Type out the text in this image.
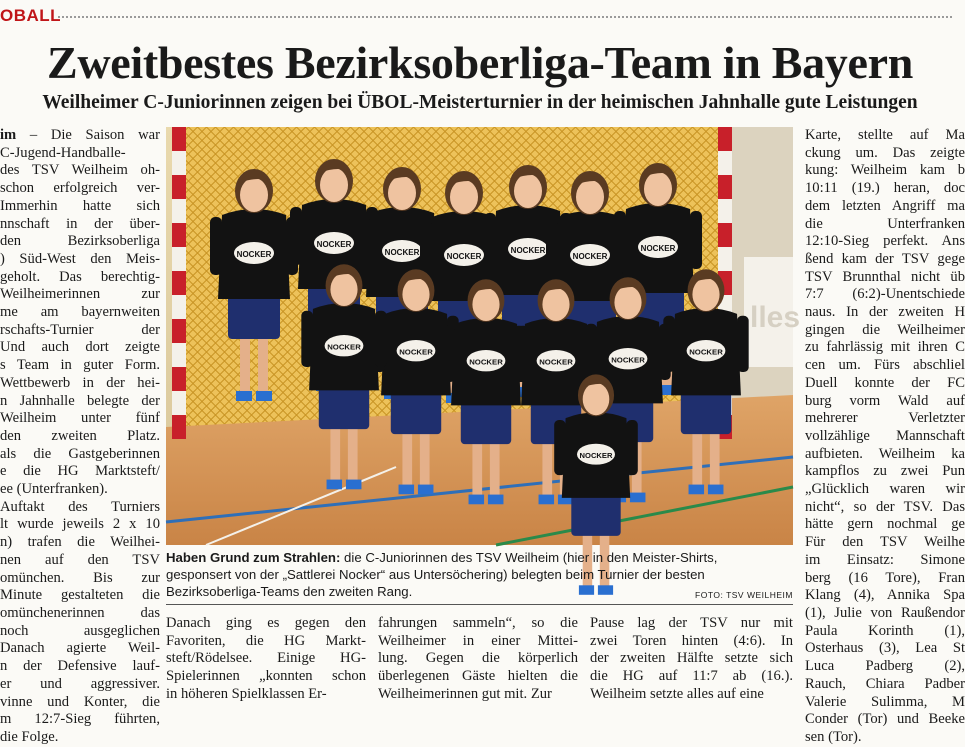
OBALL
Zweitbestes Bezirksoberliga-Team in Bayern
Weilheimer C-Juniorinnen zeigen bei ÜBOL-Meisterturnier in der heimischen Jahnhalle gute Leistungen
im – Die Saison war
C-Jugend-Handballe-
des TSV Weilheim oh-
schon erfolgreich ver-
Immerhin hatte sich
nnschaft in der über-
den Bezirksoberliga
) Süd-West den Meis-
geholt. Das berechtig-
Weilheimerinnen zur
me am bayernweiten
rschafts-Turnier der
Und auch dort zeigte
s Team in guter Form.
Wettbewerb in der hei-
n Jahnhalle belegte der
Weilheim unter fünf
den zweiten Platz.
als die Gastgeberinnen
e die HG Marktsteft/
ee (Unterfranken).
Auftakt des Turniers
lt wurde jeweils 2 x 10
n) trafen die Weilhei-
nen auf den TSV
omünchen. Bis zur
Minute gestalteten die
omünchenerinnen das
noch ausgeglichen
Danach agierte Weil-
n der Defensive lauf-
er und aggressiver.
vinne und Konter, die
m 12:7-Sieg führten,
die Folge.
lles
NOCKER
NOCKER
NOCKER	NOCKER
NOCKER
NOCKER
NOCKER
NOCKER
NOCKER	NOCKER	NOCKER
NOCKER
NOCKER
NOCKER
Haben Grund zum Strahlen: die C-Juniorinnen des TSV Weilheim (hier in den Meister-Shirts,
gesponsert von der „Sattlerei Nocker“ aus Untersöchering) belegten beim Turnier der besten
Bezirksoberliga-Teams den zweiten Rang.	FOTO: TSV WEILHEIM
Danach ging es gegen den
Favoriten, die HG Markt-
steft/Rödelsee. Einige HG-
Spielerinnen „konnten schon
in höheren Spielklassen Er-
fahrungen sammeln“, so die
Weilheimer in einer Mittei-
lung. Gegen die körperlich
überlegenen Gäste hielten die
Weilheimerinnen gut mit. Zur
Pause lag der TSV nur mit
zwei Toren hinten (4:6). In
der zweiten Hälfte setzte sich
die HG auf 11:7 ab (16.).
Weilheim setzte alles auf eine
Karte, stellte auf Ma
ckung um. Das zeigte
kung: Weilheim kam b
10:11 (19.) heran, doc
dem letzten Angriff ma
die Unterfranken
12:10-Sieg perfekt. Ans
ßend kam der TSV gege
TSV Brunnthal nicht üb
7:7 (6:2)-Unentschiede
naus. In der zweiten H
gingen die Weilheimer
zu fahrlässig mit ihren C
cen um. Fürs abschliel
Duell konnte der FC
burg vorm Wald auf
mehrerer Verletzter
vollzählige Mannschaft
aufbieten. Weilheim ka
kampflos zu zwei Pun
„Glücklich waren wir
nicht“, so der TSV. Das
hätte gern nochmal ge
Für den TSV Weilhe
im Einsatz: Simone
berg (16 Tore), Fran
Klang (4), Annika Spa
(1), Julie von Raußendor
Paula Korinth (1),
Osterhaus (3), Lea St
Luca Padberg (2),
Rauch, Chiara Padber
Valerie Sulimma, M
Conder (Tor) und Beeke
sen (Tor).
